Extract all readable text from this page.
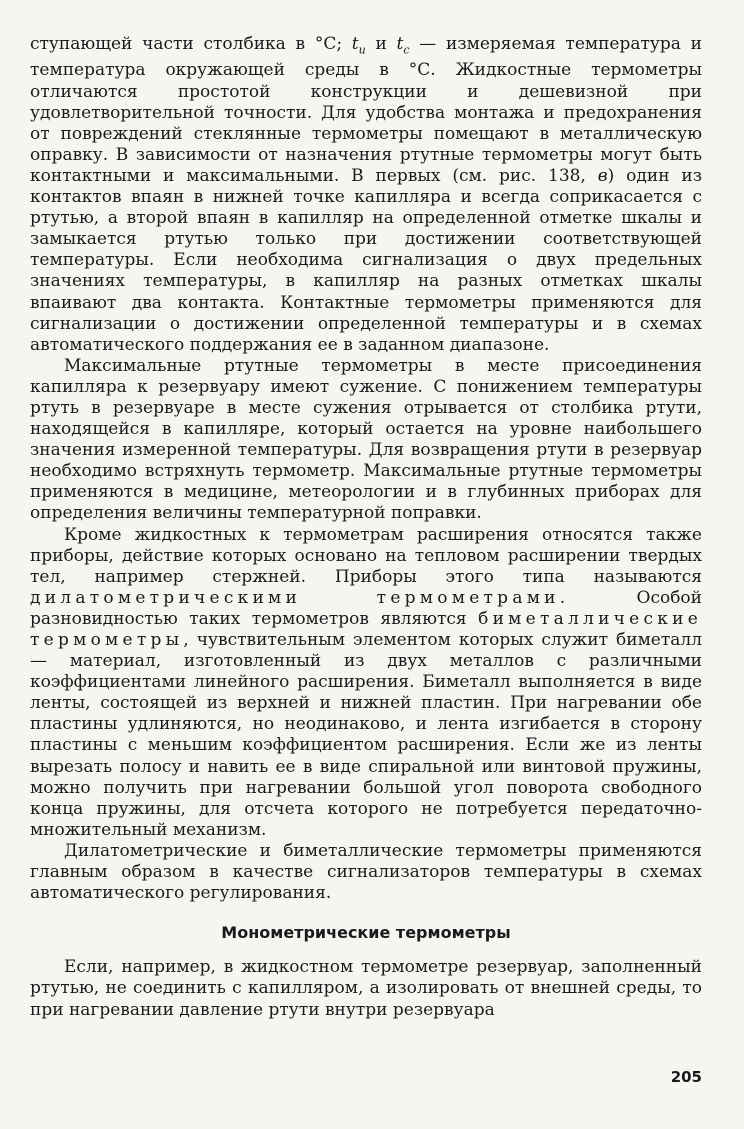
ступающей части столбика в °С; $t_и$ и $t_с$ — измеряемая температура и температура окружающей среды в °С. Жидкостные термометры отличаются простотой конструкции и дешевизной при удовлетворительной точности. Для удобства монтажа и предохранения от повреждений стеклянные термометры помещают в металлическую оправку. В зависимости от назначения ртутные термометры могут быть контактными и максимальными. В первых (см. рис. 138, в) один из контактов впаян в нижней точке капилляра и всегда соприкасается с ртутью, а второй впаян в капилляр на определенной отметке шкалы и замыкается ртутью только при достижении соответствующей температуры. Если необходима сигнализация о двух предельных значениях температуры, в капилляр на разных отметках шкалы впаивают два контакта. Контактные термометры применяются для сигнализации о достижении определенной температуры и в схемах автоматического поддержания ее в заданном диапазоне.

Максимальные ртутные термометры в месте присоединения капилляра к резервуару имеют сужение. С понижением температуры ртуть в резервуаре в месте сужения отрывается от столбика ртути, находящейся в капилляре, который остается на уровне наибольшего значения измеренной температуры. Для возвращения ртути в резервуар необходимо встряхнуть термометр. Максимальные ртутные термометры применяются в медицине, метеорологии и в глубинных приборах для определения величины температурной поправки.

Кроме жидкостных к термометрам расширения относятся также приборы, действие которых основано на тепловом расширении твердых тел, например стержней. Приборы этого типа называются дилатометрическими термометрами. Особой разновидностью таких термометров являются биметаллические термометры, чувствительным элементом которых служит биметалл — материал, изготовленный из двух металлов с различными коэффициентами линейного расширения. Биметалл выполняется в виде ленты, состоящей из верхней и нижней пластин. При нагревании обе пластины удлиняются, но неодинаково, и лента изгибается в сторону пластины с меньшим коэффициентом расширения. Если же из ленты вырезать полосу и навить ее в виде спиральной или винтовой пружины, можно получить при нагревании большой угол поворота свободного конца пружины, для отсчета которого не потребуется передаточно-множительный механизм.

Дилатометрические и биметаллические термометры применяются главным образом в качестве сигнализаторов температуры в схемах автоматического регулирования.

Монометрические термометры

Если, например, в жидкостном термометре резервуар, заполненный ртутью, не соединить с капилляром, а изолировать от внешней среды, то при нагревании давление ртути внутри резервуара

205
